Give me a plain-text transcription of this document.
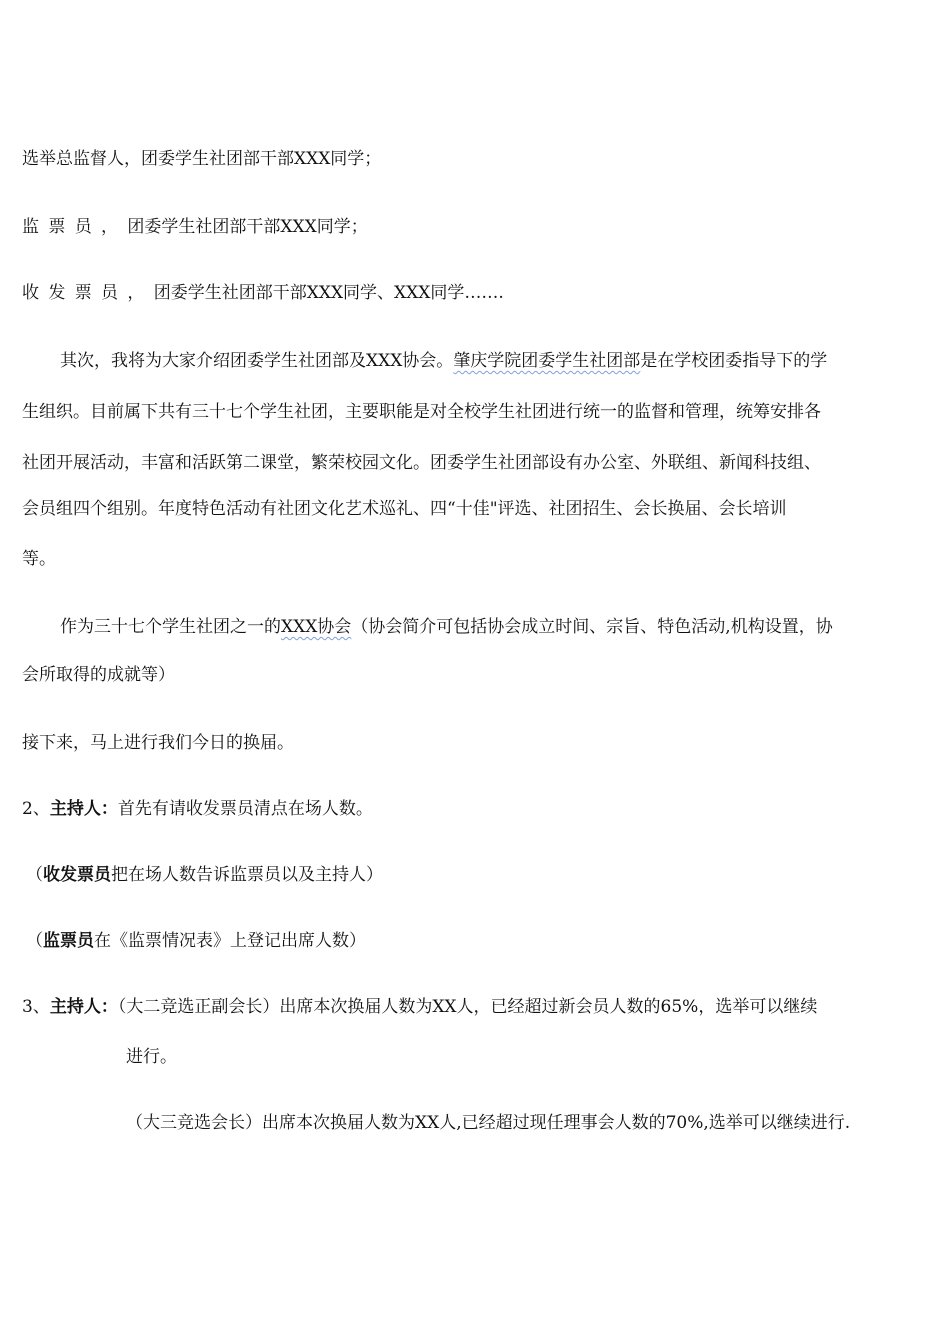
选举总监督人，团委学生社团部干部XXX同学；
监票员，团委学生社团部干部XXX同学；
收发票员，团委学生社团部干部XXX同学、XXX同学…….
其次，我将为大家介绍团委学生社团部及XXX协会。肇庆学院团委学生社团部是在学校团委指导下的学
生组织。目前属下共有三十七个学生社团，主要职能是对全校学生社团进行统一的监督和管理，统筹安排各
社团开展活动，丰富和活跃第二课堂，繁荣校园文化。团委学生社团部设有办公室、外联组、新闻科技组、
会员组四个组别。年度特色活动有社团文化艺术巡礼、四“十佳"评选、社团招生、会长换届、会长培训
等。
作为三十七个学生社团之一的XXX协会（协会简介可包括协会成立时间、宗旨、特色活动,机构设置，协
会所取得的成就等）
接下来，马上进行我们今日的换届。
2、主持人：首先有请收发票员清点在场人数。
（收发票员把在场人数告诉监票员以及主持人）
（监票员在《监票情况表》上登记出席人数）
3、主持人：（大二竞选正副会长）出席本次换届人数为XX人，已经超过新会员人数的65%，选举可以继续
进行。
（大三竞选会长）出席本次换届人数为XX人,已经超过现任理事会人数的70%,选举可以继续进行.
